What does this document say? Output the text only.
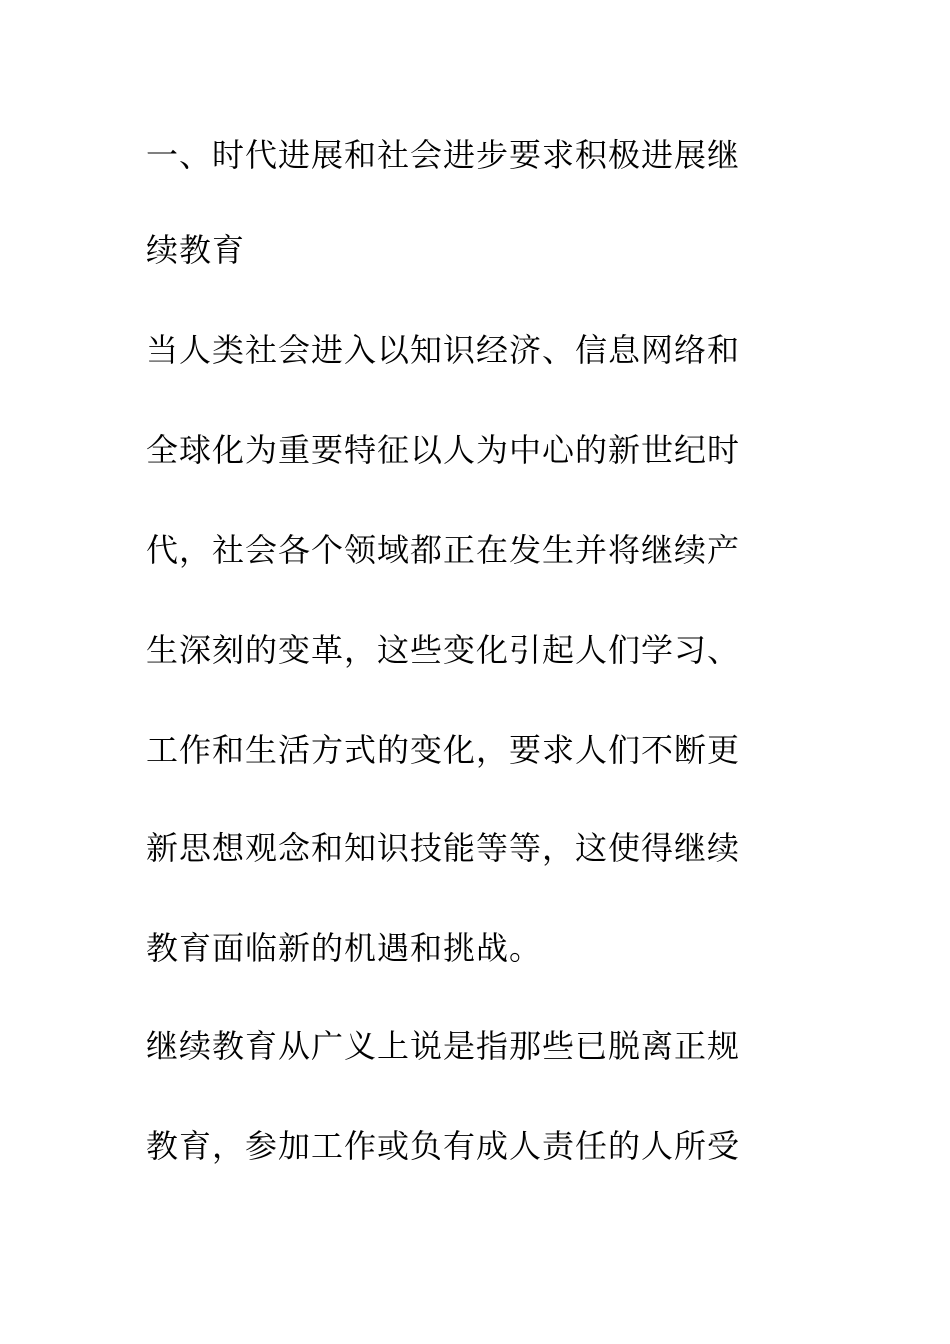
一、时代进展和社会进步要求积极进展继
续教育
当人类社会进入以知识经济、信息网络和
全球化为重要特征以人为中心的新世纪时
代，社会各个领域都正在发生并将继续产
生深刻的变革，这些变化引起人们学习、
工作和生活方式的变化，要求人们不断更
新思想观念和知识技能等等，这使得继续
教育面临新的机遇和挑战。
继续教育从广义上说是指那些已脱离正规
教育，参加工作或负有成人责任的人所受
